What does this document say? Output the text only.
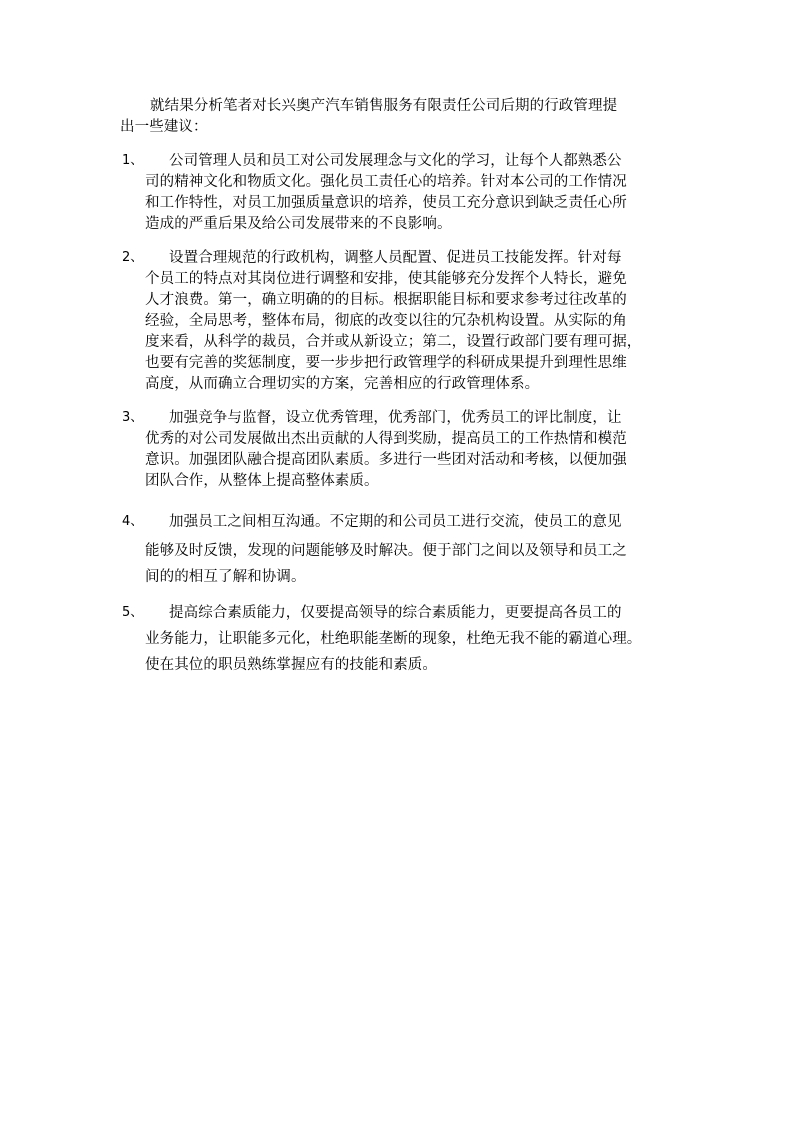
就结果分析笔者对长兴奥产汽车销售服务有限责任公司后期的行政管理提

出一些建议：

1、 公司管理人员和员工对公司发展理念与文化的学习，让每个人都熟悉公

司的精神文化和物质文化。强化员工责任心的培养。针对本公司的工作情况

和工作特性，对员工加强质量意识的培养，使员工充分意识到缺乏责任心所

造成的严重后果及给公司发展带来的不良影响。

2、 设置合理规范的行政机构，调整人员配置、促进员工技能发挥。针对每

个员工的特点对其岗位进行调整和安排，使其能够充分发挥个人特长，避免

人才浪费。第一，确立明确的的目标。根据职能目标和要求参考过往改革的

经验，全局思考，整体布局，彻底的改变以往的冗杂机构设置。从实际的角

度来看，从科学的裁员，合并或从新设立；第二，设置行政部门要有理可据，

也要有完善的奖惩制度，要一步步把行政管理学的科研成果提升到理性思维

高度，从而确立合理切实的方案，完善相应的行政管理体系。

3、 加强竞争与监督，设立优秀管理，优秀部门，优秀员工的评比制度，让

优秀的对公司发展做出杰出贡献的人得到奖励，提高员工的工作热情和模范

意识。加强团队融合提高团队素质。多进行一些团对活动和考核，以便加强

团队合作，从整体上提高整体素质。

4、 加强员工之间相互沟通。不定期的和公司员工进行交流，使员工的意见

能够及时反馈，发现的问题能够及时解决。便于部门之间以及领导和员工之

间的的相互了解和协调。

5、 提高综合素质能力，仅要提高领导的综合素质能力，更要提高各员工的

业务能力，让职能多元化，杜绝职能垄断的现象，杜绝无我不能的霸道心理。

使在其位的职员熟练掌握应有的技能和素质。
